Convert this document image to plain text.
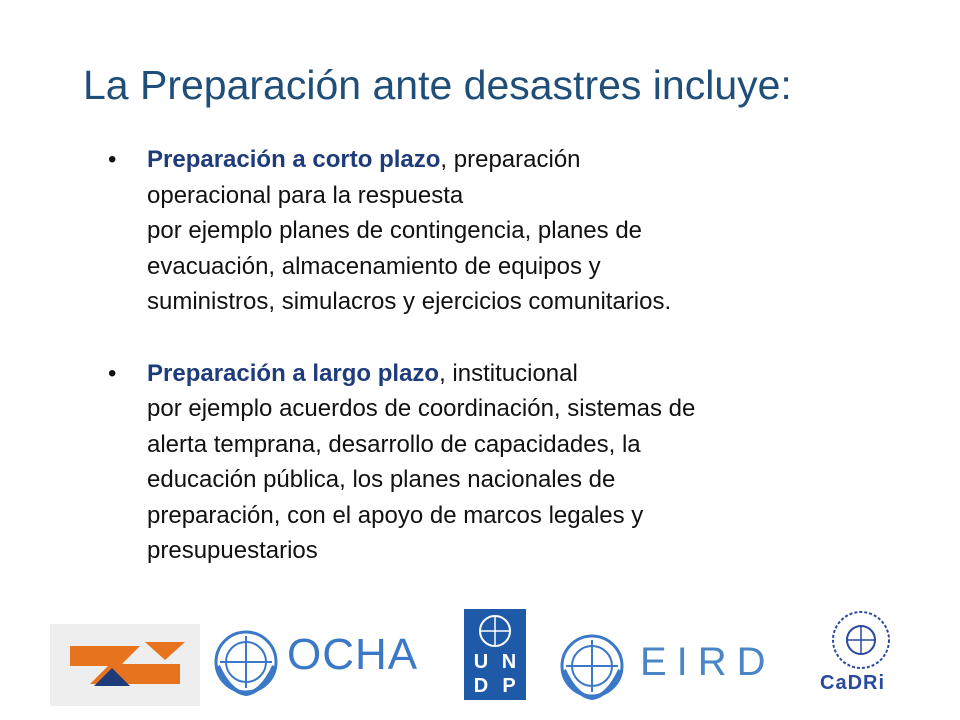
La Preparación ante desastres incluye:
• Preparación a corto plazo, preparación
operacional para la respuesta
por ejemplo planes de contingencia, planes de
evacuación, almacenamiento de equipos y
suministros, simulacros y ejercicios comunitarios.
• Preparación a largo plazo, institucional
por ejemplo acuerdos de coordinación, sistemas de
alerta temprana, desarrollo de capacidades, la
educación pública, los planes nacionales de
preparación, con el apoyo de marcos legales y
presupuestarios
OCHA	U N
D P
EIRD CaDRi
